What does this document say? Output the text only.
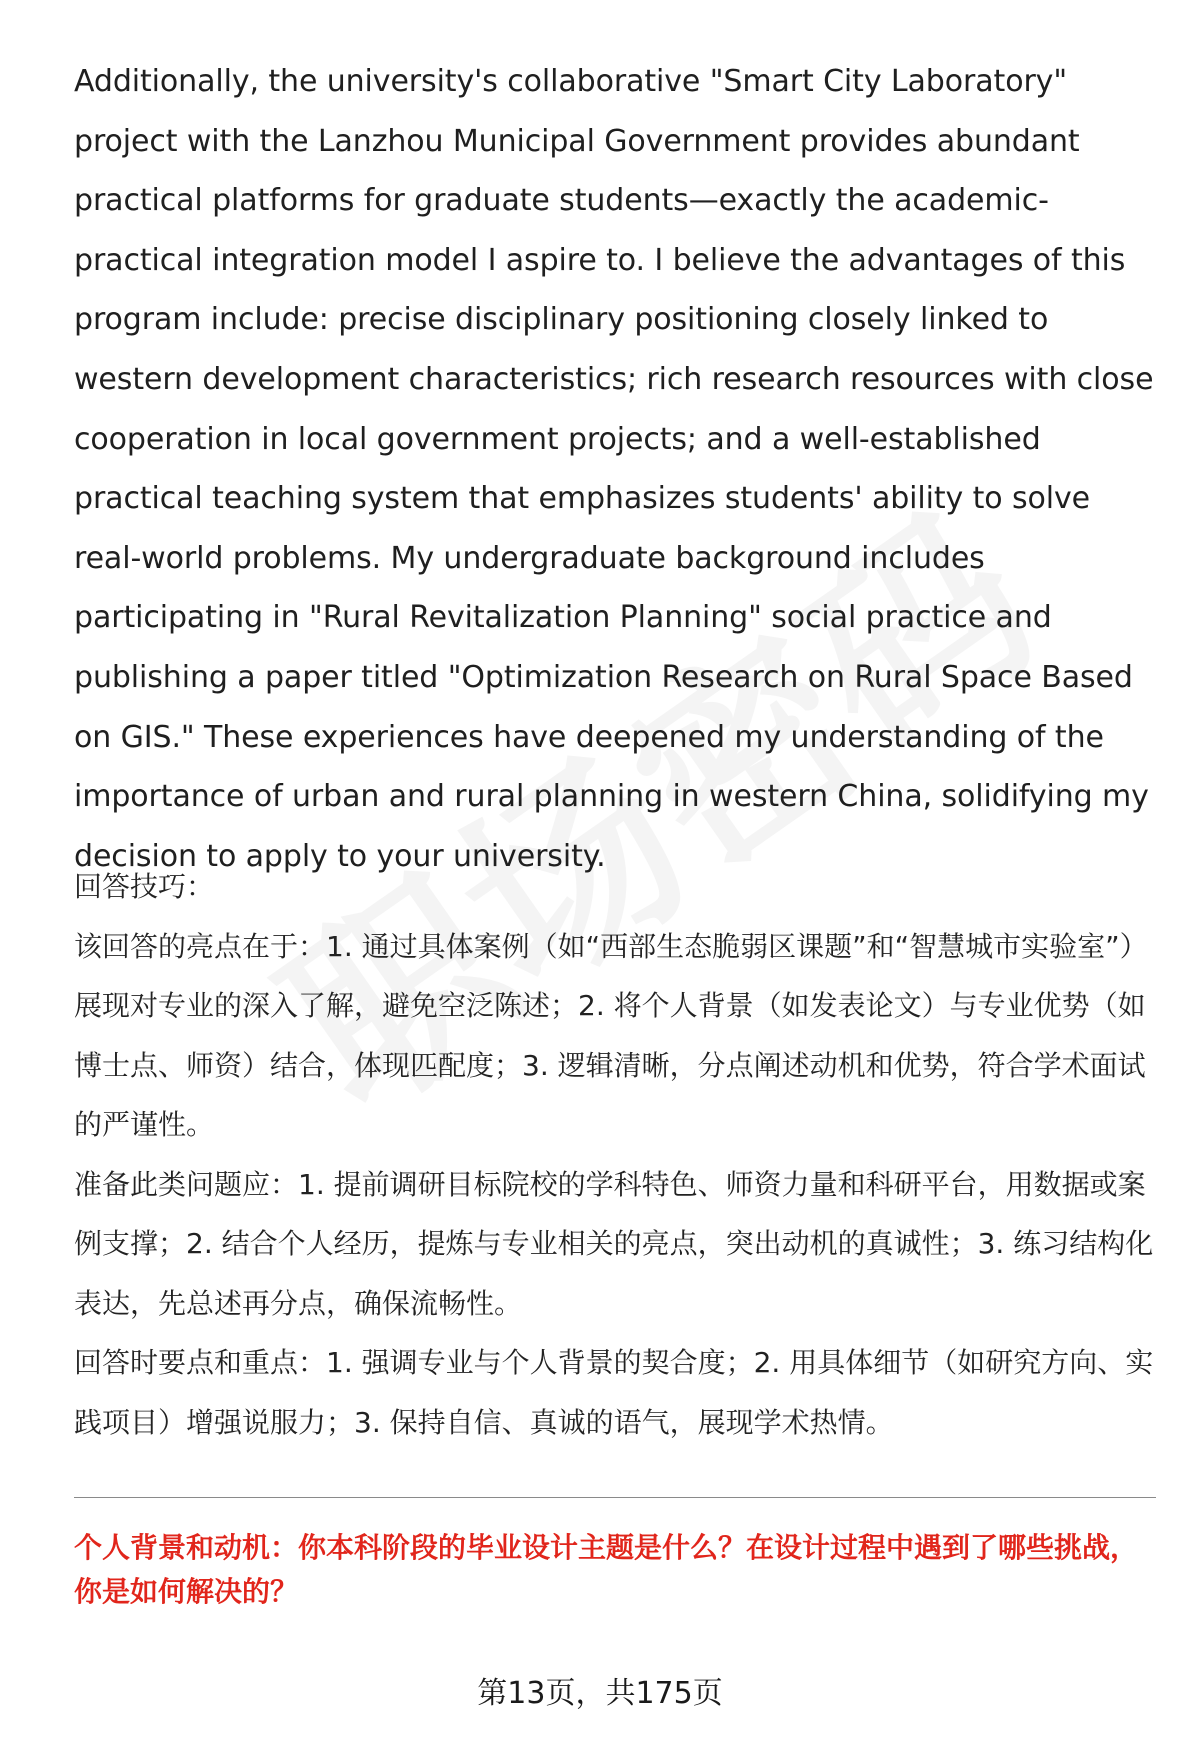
Additionally, the university's collaborative "Smart City Laboratory" project with the Lanzhou Municipal Government provides abundant practical platforms for graduate students—exactly the academic-practical integration model I aspire to. I believe the advantages of this program include: precise disciplinary positioning closely linked to western development characteristics; rich research resources with close cooperation in local government projects; and a well-established practical teaching system that emphasizes students' ability to solve real-world problems. My undergraduate background includes participating in "Rural Revitalization Planning" social practice and publishing a paper titled "Optimization Research on Rural Space Based on GIS." These experiences have deepened my understanding of the importance of urban and rural planning in western China, solidifying my decision to apply to your university.

回答技巧：

该回答的亮点在于：1. 通过具体案例（如“西部生态脆弱区课题”和“智慧城市实验室”）展现对专业的深入了解，避免空泛陈述；2. 将个人背景（如发表论文）与专业优势（如博士点、师资）结合，体现匹配度；3. 逻辑清晰，分点阐述动机和优势，符合学术面试的严谨性。

准备此类问题应：1. 提前调研目标院校的学科特色、师资力量和科研平台，用数据或案例支撑；2. 结合个人经历，提炼与专业相关的亮点，突出动机的真诚性；3. 练习结构化表达，先总述再分点，确保流畅性。

回答时要点和重点：1. 强调专业与个人背景的契合度；2. 用具体细节（如研究方向、实践项目）增强说服力；3. 保持自信、真诚的语气，展现学术热情。

个人背景和动机：你本科阶段的毕业设计主题是什么？在设计过程中遇到了哪些挑战，你是如何解决的？

第13页，共175页
